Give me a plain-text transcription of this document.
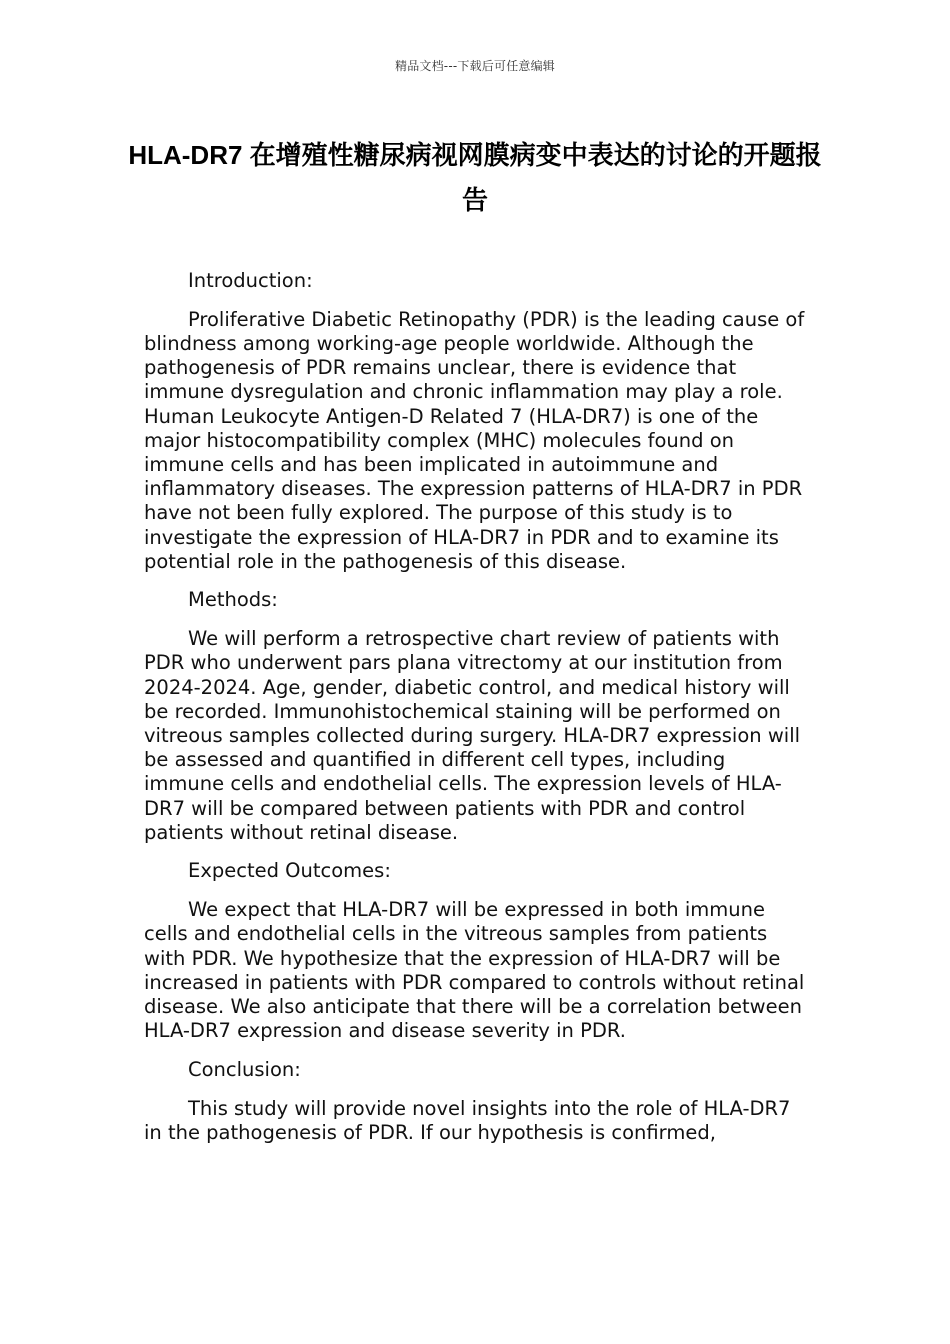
精品文档---下载后可任意编辑
HLA-DR7 在增殖性糖尿病视网膜病变中表达的讨论的开题报告

Introduction:

Proliferative Diabetic Retinopathy (PDR) is the leading cause of blindness among working-age people worldwide. Although the pathogenesis of PDR remains unclear, there is evidence that immune dysregulation and chronic inflammation may play a role. Human Leukocyte Antigen-D Related 7 (HLA-DR7) is one of the major histocompatibility complex (MHC) molecules found on immune cells and has been implicated in autoimmune and inflammatory diseases. The expression patterns of HLA-DR7 in PDR have not been fully explored. The purpose of this study is to investigate the expression of HLA-DR7 in PDR and to examine its potential role in the pathogenesis of this disease.

Methods:

We will perform a retrospective chart review of patients with PDR who underwent pars plana vitrectomy at our institution from 2024-2024. Age, gender, diabetic control, and medical history will be recorded. Immunohistochemical staining will be performed on vitreous samples collected during surgery. HLA-DR7 expression will be assessed and quantified in different cell types, including immune cells and endothelial cells. The expression levels of HLA-DR7 will be compared between patients with PDR and control patients without retinal disease.

Expected Outcomes:

We expect that HLA-DR7 will be expressed in both immune cells and endothelial cells in the vitreous samples from patients with PDR. We hypothesize that the expression of HLA-DR7 will be increased in patients with PDR compared to controls without retinal disease. We also anticipate that there will be a correlation between HLA-DR7 expression and disease severity in PDR.

Conclusion:

This study will provide novel insights into the role of HLA-DR7 in the pathogenesis of PDR. If our hypothesis is confirmed,
